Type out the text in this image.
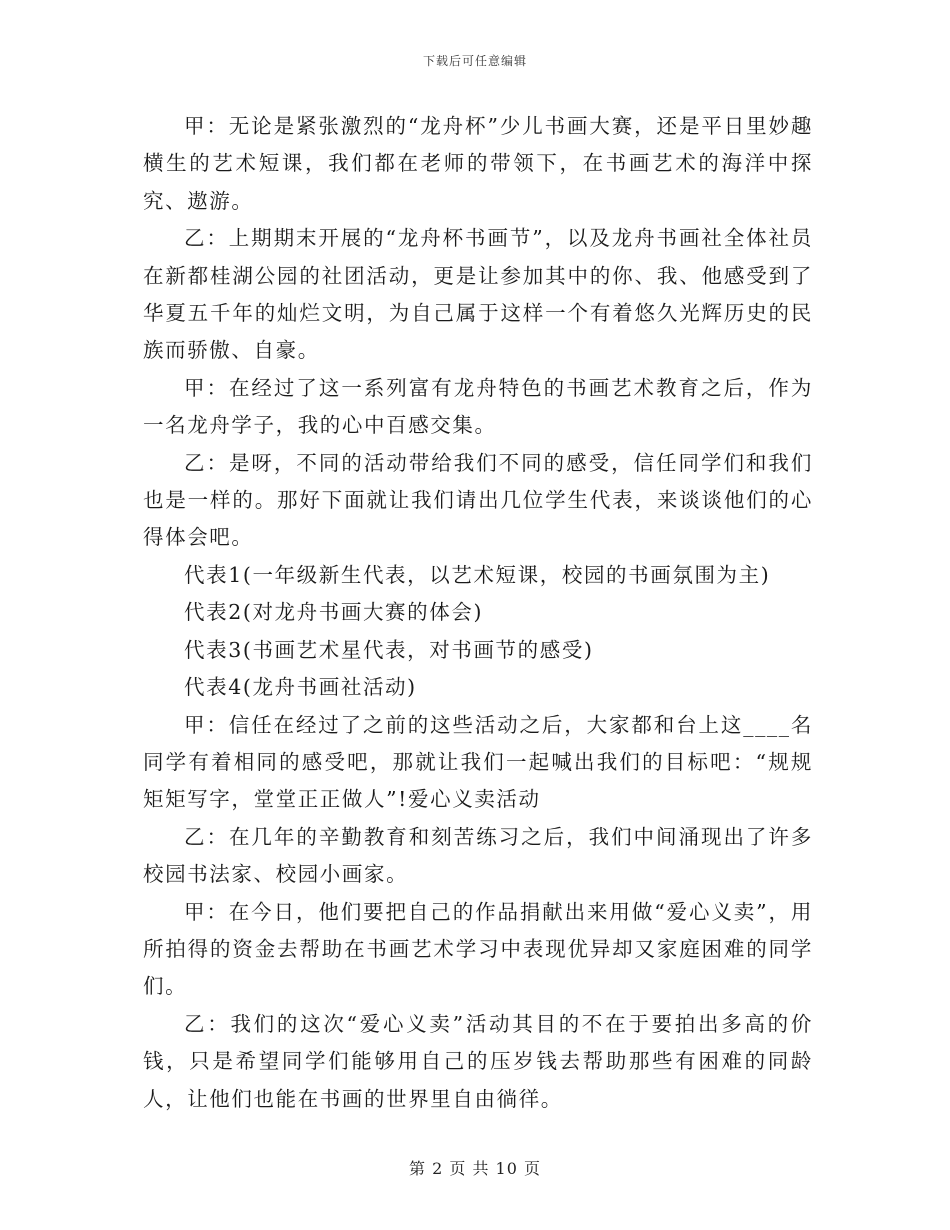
下载后可任意编辑

甲：无论是紧张激烈的“龙舟杯”少儿书画大赛，还是平日里妙趣横生的艺术短课，我们都在老师的带领下，在书画艺术的海洋中探究、遨游。

乙：上期期末开展的“龙舟杯书画节”，以及龙舟书画社全体社员在新都桂湖公园的社团活动，更是让参加其中的你、我、他感受到了华夏五千年的灿烂文明，为自己属于这样一个有着悠久光辉历史的民族而骄傲、自豪。

甲：在经过了这一系列富有龙舟特色的书画艺术教育之后，作为一名龙舟学子，我的心中百感交集。

乙：是呀，不同的活动带给我们不同的感受，信任同学们和我们也是一样的。那好下面就让我们请出几位学生代表，来谈谈他们的心得体会吧。

代表1(一年级新生代表，以艺术短课，校园的书画氛围为主)

代表2(对龙舟书画大赛的体会)

代表3(书画艺术星代表，对书画节的感受)

代表4(龙舟书画社活动)

甲：信任在经过了之前的这些活动之后，大家都和台上这____名同学有着相同的感受吧，那就让我们一起喊出我们的目标吧：“规规矩矩写字，堂堂正正做人”!爱心义卖活动

乙：在几年的辛勤教育和刻苦练习之后，我们中间涌现出了许多校园书法家、校园小画家。

甲：在今日，他们要把自己的作品捐献出来用做“爱心义卖”，用所拍得的资金去帮助在书画艺术学习中表现优异却又家庭困难的同学们。

乙：我们的这次“爱心义卖”活动其目的不在于要拍出多高的价钱，只是希望同学们能够用自己的压岁钱去帮助那些有困难的同龄人，让他们也能在书画的世界里自由徜徉。

第 2 页 共 10 页
